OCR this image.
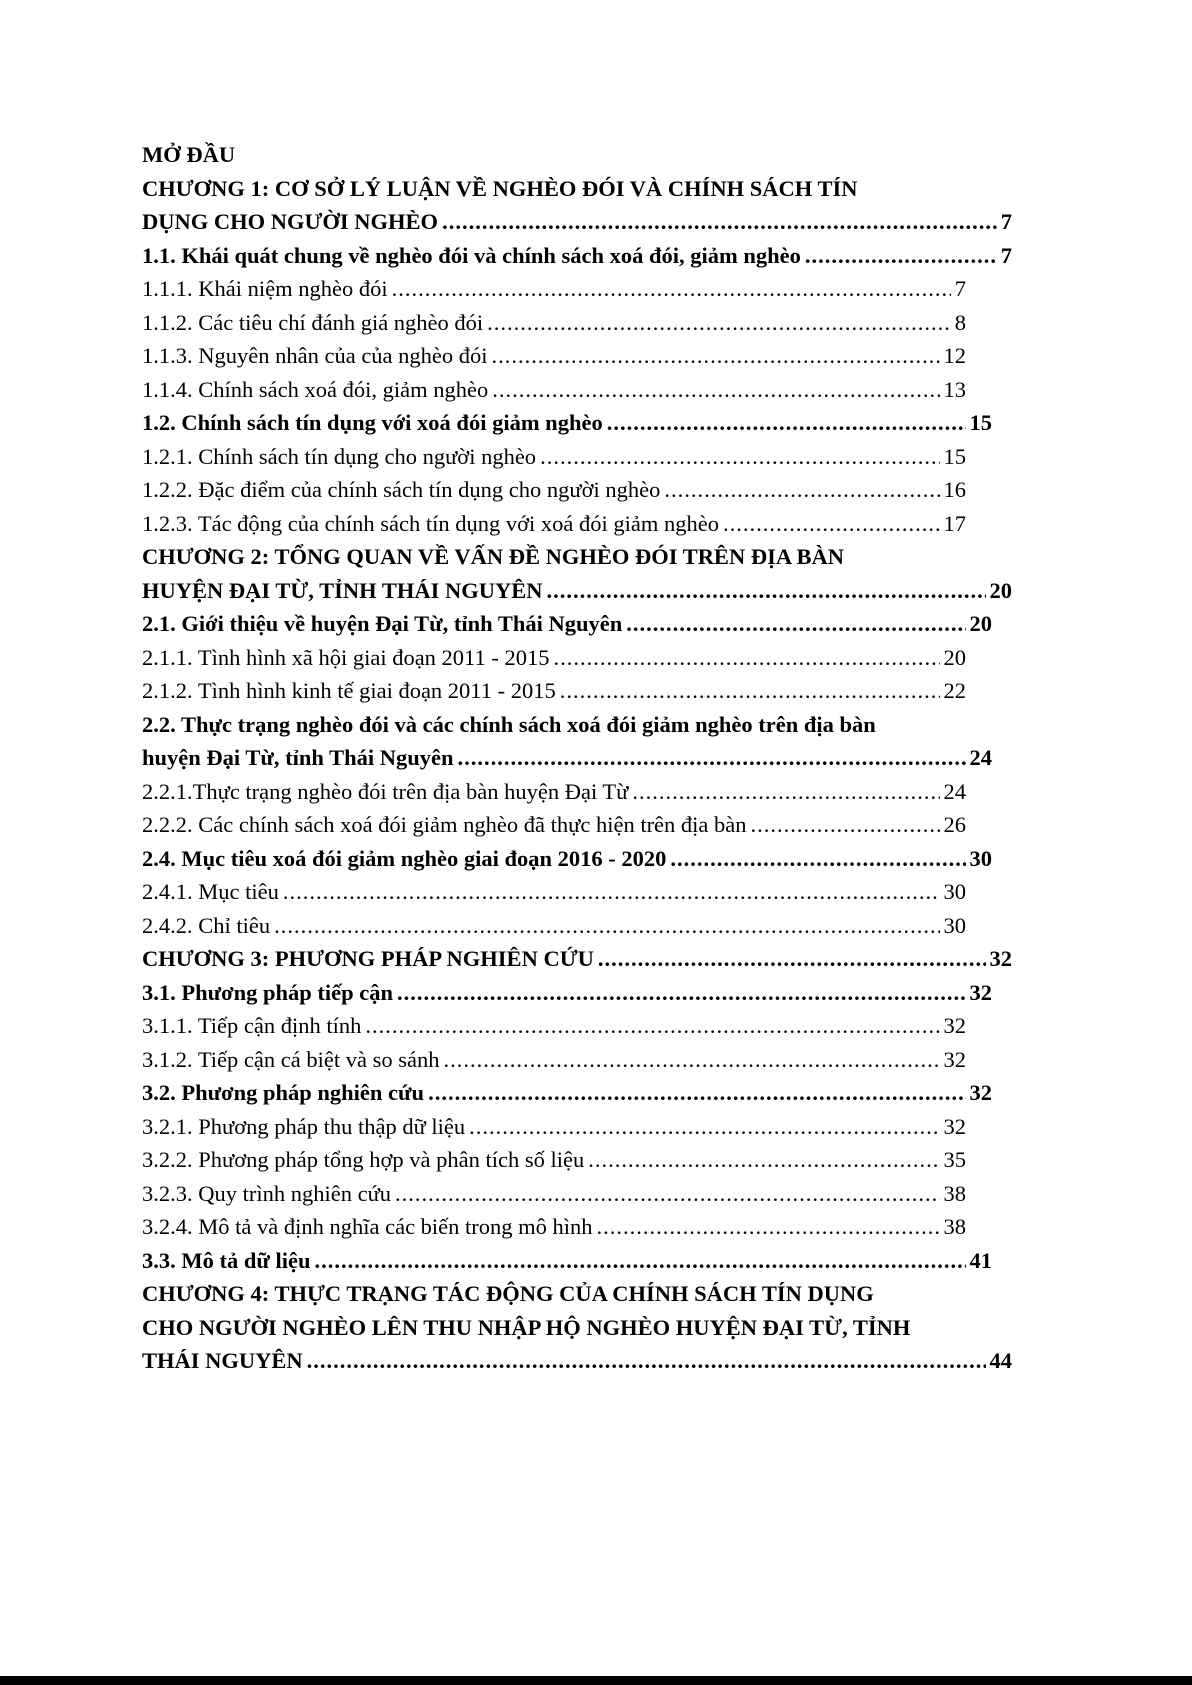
MỞ ĐẦU
CHƯƠNG 1: CƠ SỞ LÝ LUẬN VỀ NGHÈO ĐÓI VÀ CHÍNH SÁCH TÍN
DỤNG CHO NGƯỜI NGHÈO .....	7
1.1. Khái quát chung về nghèo đói và chính sách xoá đói, giảm nghèo .....	7
1.1.1. Khái niệm nghèo đói .....	7
1.1.2. Các tiêu chí đánh giá nghèo đói .....	8
1.1.3. Nguyên nhân của của nghèo đói .....	12
1.1.4. Chính sách xoá đói, giảm nghèo .....	13
1.2. Chính sách tín dụng với xoá đói giảm nghèo .....	15
1.2.1. Chính sách tín dụng cho người nghèo .....	15
1.2.2. Đặc điểm của chính sách tín dụng cho người nghèo .....	16
1.2.3. Tác động của chính sách tín dụng với xoá đói giảm nghèo .....	17
CHƯƠNG 2: TỔNG QUAN VỀ VẤN ĐỀ NGHÈO ĐÓI TRÊN ĐỊA BÀN
HUYỆN ĐẠI TỪ, TỈNH THÁI NGUYÊN .....	20
2.1. Giới thiệu về huyện Đại Từ, tỉnh Thái Nguyên .....	20
2.1.1. Tình hình xã hội giai đoạn 2011 - 2015 .....	20
2.1.2. Tình hình kinh tế giai đoạn 2011 - 2015 .....	22
2.2. Thực trạng nghèo đói và các chính sách xoá đói giảm nghèo trên địa bàn
huyện Đại Từ, tỉnh Thái Nguyên .....	24
2.2.1.Thực trạng nghèo đói trên địa bàn huyện Đại Từ .....	24
2.2.2. Các chính sách xoá đói giảm nghèo đã thực hiện trên địa bàn .....	26
2.4. Mục tiêu xoá đói giảm nghèo giai đoạn 2016 - 2020 .....	30
2.4.1. Mục tiêu .....	30
2.4.2. Chỉ tiêu .....	30
CHƯƠNG 3: PHƯƠNG PHÁP NGHIÊN CỨU .....	32
3.1. Phương pháp tiếp cận .....	32
3.1.1. Tiếp cận định tính .....	32
3.1.2. Tiếp cận cá biệt và so sánh .....	32
3.2. Phương pháp nghiên cứu .....	32
3.2.1. Phương pháp thu thập dữ liệu .....	32
3.2.2. Phương pháp tổng hợp và phân tích số liệu .....	35
3.2.3. Quy trình nghiên cứu .....	38
3.2.4. Mô tả và định nghĩa các biến trong mô hình .....	38
3.3. Mô tả dữ liệu .....	41
CHƯƠNG 4: THỰC TRẠNG TÁC ĐỘNG CỦA CHÍNH SÁCH TÍN DỤNG
CHO NGƯỜI NGHÈO LÊN THU NHẬP HỘ NGHÈO HUYỆN ĐẠI TỪ, TỈNH
THÁI NGUYÊN .....	44
